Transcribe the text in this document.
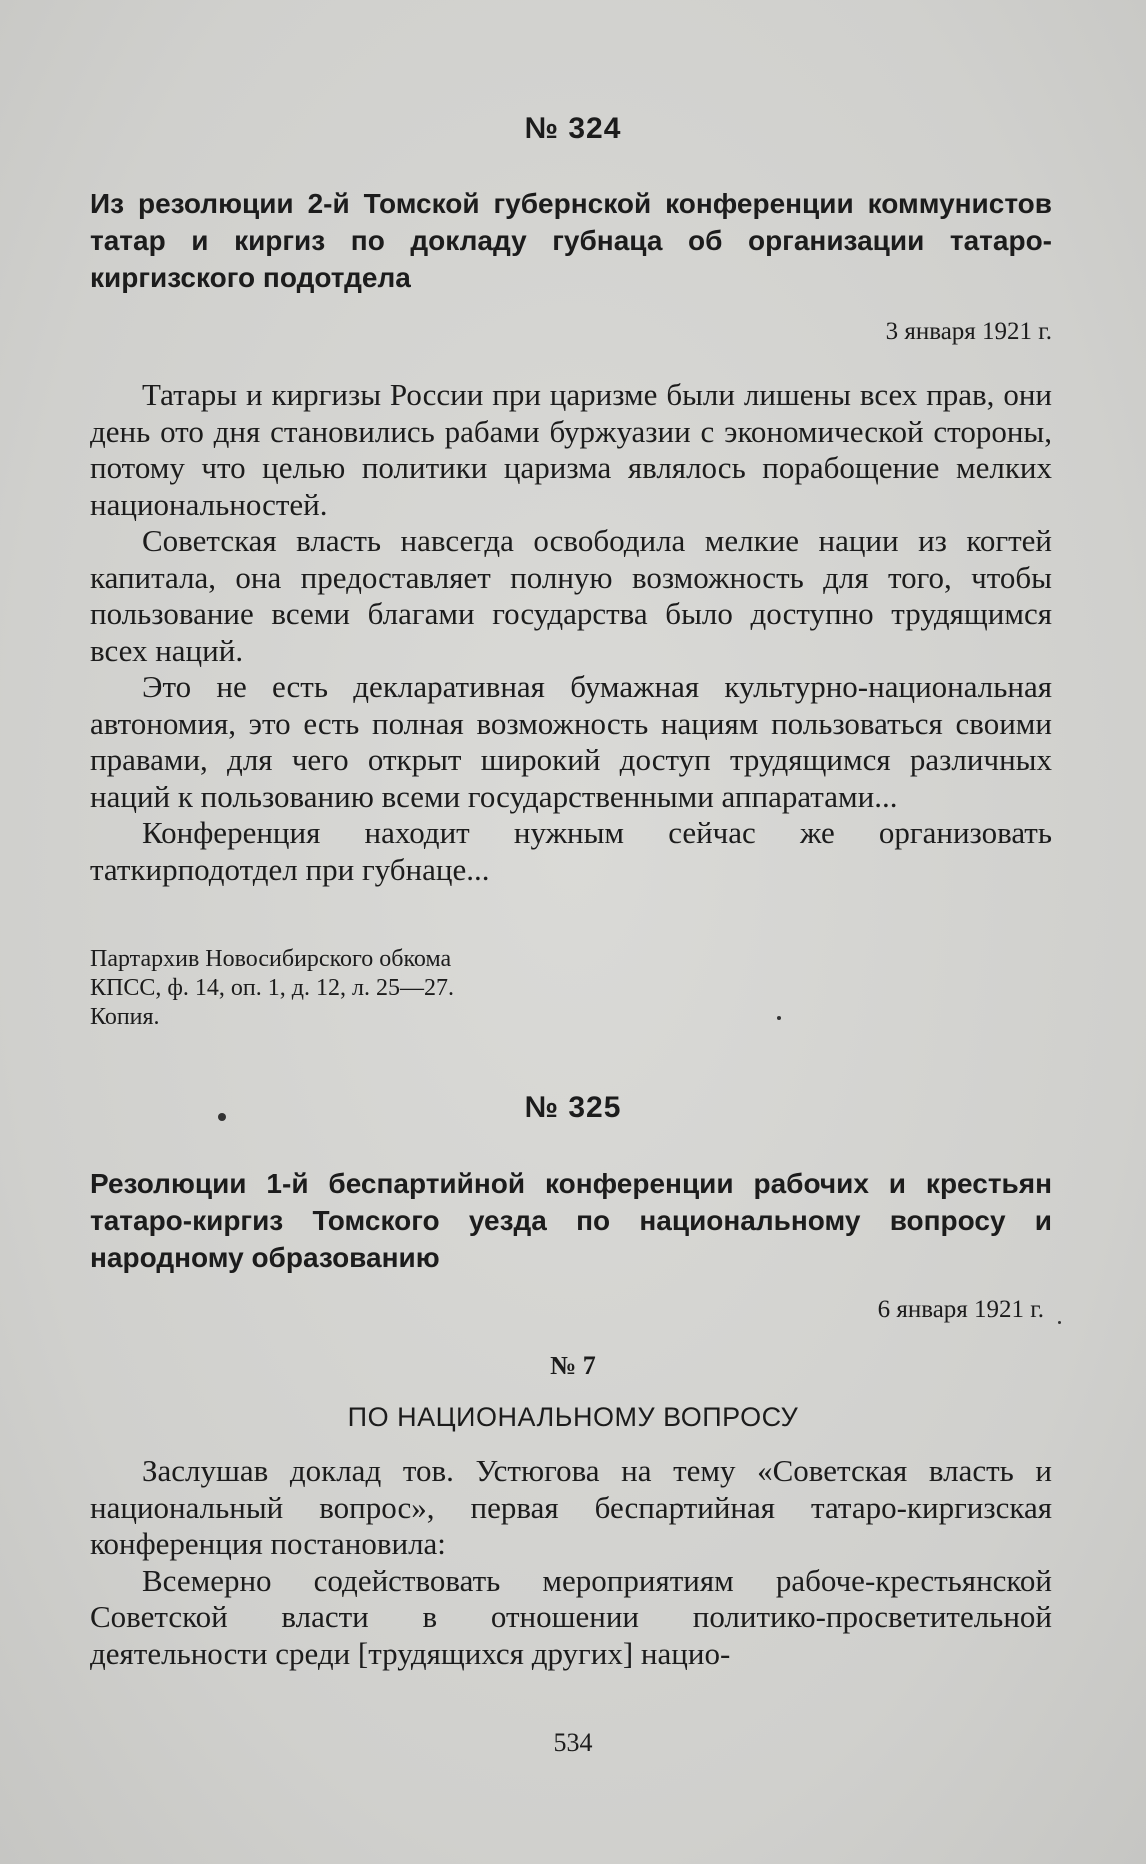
№ 324

Из резолюции 2-й Томской губернской конференции коммунистов татар и киргиз по докладу губнаца об организации татаро-киргизского подотдела

3 января 1921 г.

Татары и киргизы России при царизме были лишены всех прав, они день ото дня становились рабами буржуазии с экономической стороны, потому что целью политики царизма являлось порабощение мелких национальностей.

Советская власть навсегда освободила мелкие нации из когтей капитала, она предоставляет полную возможность для того, чтобы пользование всеми благами государства было доступно трудящимся всех наций.

Это не есть декларативная бумажная культурно-национальная автономия, это есть полная возможность нациям пользоваться своими правами, для чего открыт широкий доступ трудящимся различных наций к пользованию всеми государственными аппаратами...

Конференция находит нужным сейчас же организовать таткирподотдел при губнаце...

Партархив Новосибирского обкома
КПСС, ф. 14, оп. 1, д. 12, л. 25—27.
Копия.
№ 325

Резолюции 1-й беспартийной конференции рабочих и крестьян татаро-киргиз Томского уезда по национальному вопросу и народному образованию

6 января 1921 г.

№ 7
ПО НАЦИОНАЛЬНОМУ ВОПРОСУ

Заслушав доклад тов. Устюгова на тему «Советская власть и национальный вопрос», первая беспартийная татаро-киргизская конференция постановила:

Всемерно содействовать мероприятиям рабоче-крестьянской Советской власти в отношении политико-просветительной деятельности среди [трудящихся других] нацио-

534
